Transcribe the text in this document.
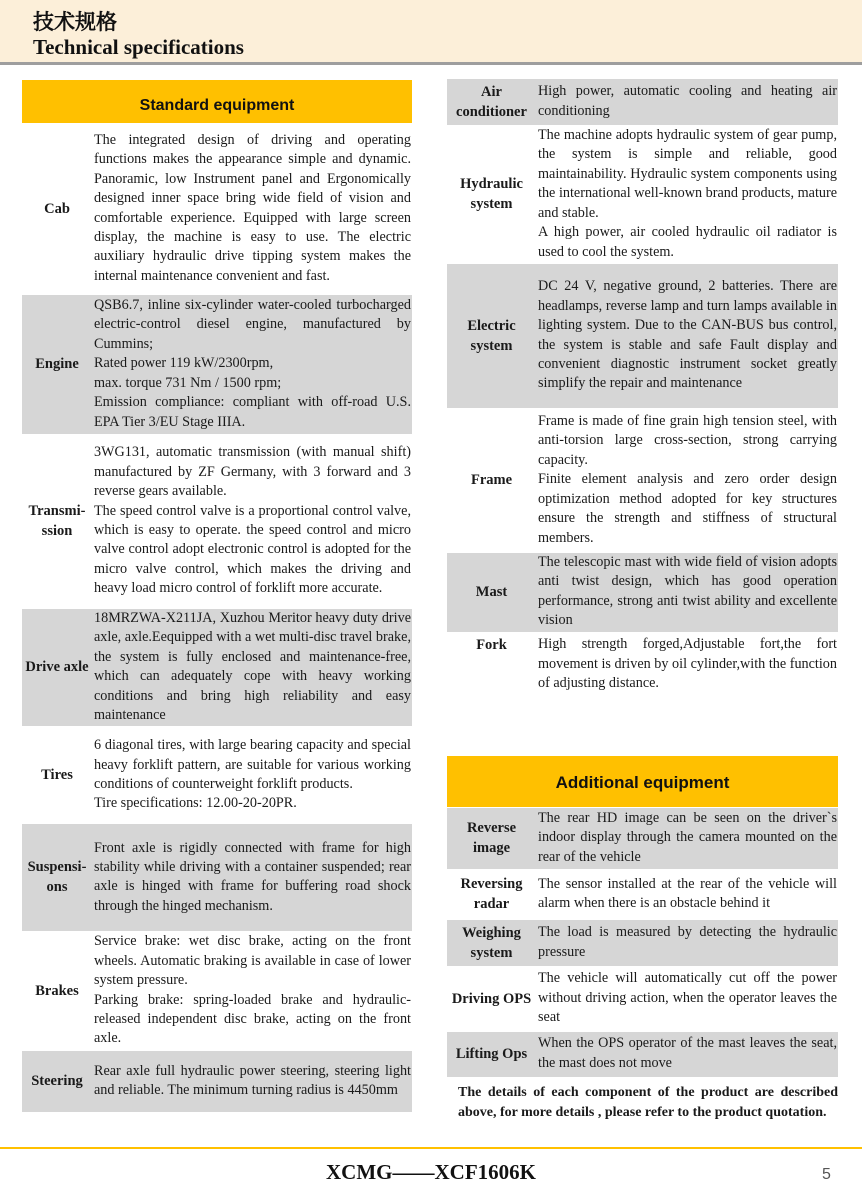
技术规格
Technical specifications
Standard equipment
Cab	The integrated design of driving and operating functions makes the appearance simple and dynamic. Panoramic, low Instrument panel and Ergonomically designed inner space bring wide field of vision and comfortable experience. Equipped with large screen display, the machine is easy to use. The electric auxiliary hydraulic drive tipping system makes the internal maintenance convenient and fast.
Engine	QSB6.7, inline six-cylinder water-cooled turbocharged electric-control diesel engine, manufactured by Cummins;
Rated power 119 kW/2300rpm,
max. torque 731 Nm / 1500 rpm;
Emission compliance: compliant with off-road U.S. EPA Tier 3/EU Stage IIIA.
Transmi-ssion	3WG131, automatic transmission (with manual shift) manufactured by ZF Germany, with 3 forward and 3 reverse gears available.
The speed control valve is a proportional control valve, which is easy to operate. the speed control and micro valve control adopt electronic control is adopted for the micro valve control, which makes the driving and heavy load micro control of forklift more accurate.
Drive axle	18MRZWA-X211JA, Xuzhou Meritor heavy duty drive axle, axle.Eequipped with a wet multi-disc travel brake, the system is fully enclosed and maintenance-free, which can adequately cope with heavy working conditions and bring high reliability and easy maintenance
Tires	6 diagonal tires, with large bearing capacity and special heavy forklift pattern, are suitable for various working conditions of counterweight forklift products.
Tire specifications: 12.00-20-20PR.
Suspensi-ons	Front axle is rigidly connected with frame for high stability while driving with a container suspended; rear axle is hinged with frame for buffering road shock through the hinged mechanism.
Brakes	Service brake: wet disc brake, acting on the front wheels. Automatic braking is available in case of lower system pressure.
Parking brake: spring-loaded brake and hydraulic-released independent disc brake, acting on the front axle.
Steering	Rear axle full hydraulic power steering, steering light and reliable. The minimum turning radius is 4450mm
Air conditioner	High power, automatic cooling and heating air conditioning
Hydraulic system	The machine adopts hydraulic system of gear pump, the system is simple and reliable, good maintainability. Hydraulic system components using the international well-known brand products, mature and stable.
A high power, air cooled hydraulic oil radiator is used to cool the system.
Electric system	DC 24 V, negative ground, 2 batteries. There are headlamps, reverse lamp and turn lamps available in lighting system. Due to the CAN-BUS bus control, the system is stable and safe Fault display and convenient diagnostic instrument socket greatly simplify the repair and maintenance
Frame	Frame is made of fine grain high tension steel, with anti-torsion large cross-section, strong carrying capacity.
Finite element analysis and zero order design optimization method adopted for key structures ensure the strength and stiffness of structural members.
Mast	The telescopic mast with wide field of vision adopts anti twist design, which has good operation performance, strong anti twist ability and excellente vision
Fork	High strength forged,Adjustable fort,the fort movement is driven by oil cylinder,with the function of adjusting distance.
Additional equipment
Reverse image	The rear HD image can be seen on the driver`s indoor display through the camera mounted on the rear of the vehicle
Reversing radar	The sensor installed at the rear of the vehicle will alarm when there is an obstacle behind it
Weighing system	The load is measured by detecting the hydraulic pressure
Driving OPS	The vehicle will automatically cut off the power without driving action, when the operator leaves the seat
Lifting Ops	When the OPS operator of the mast leaves the seat, the mast does not move
The details of each component of the product are described above, for more details , please refer to the product quotation.
XCMG——XCF1606K	5
